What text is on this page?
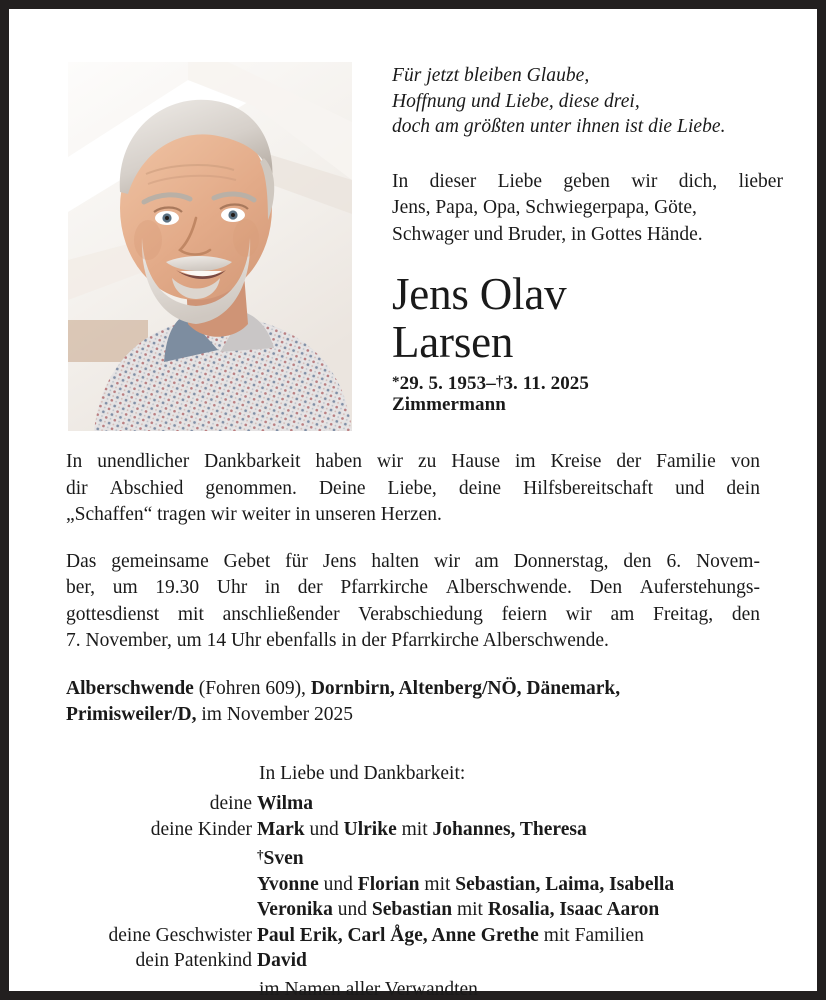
Für jetzt bleiben Glaube,
Hoffnung und Liebe, diese drei,
doch am größten unter ihnen ist die Liebe.
In dieser Liebe geben wir dich, lieber
Jens, Papa, Opa, Schwiegerpapa, Göte,
Schwager und Bruder, in Gottes Hände.
Jens Olav
Larsen
*29. 5. 1953–†3. 11. 2025
Zimmermann

In unendlicher Dankbarkeit haben wir zu Hause im Kreise der Familie von
dir Abschied genommen. Deine Liebe, deine Hilfsbereitschaft und dein
„Schaffen“ tragen wir weiter in unseren Herzen.

Das gemeinsame Gebet für Jens halten wir am Donnerstag, den 6. Novem-
ber, um 19.30 Uhr in der Pfarrkirche Alberschwende. Den Auferstehungs-
gottesdienst mit anschließender Verabschiedung feiern wir am Freitag, den
7. November, um 14 Uhr ebenfalls in der Pfarrkirche Alberschwende.

Alberschwende (Fohren 609), Dornbirn, Altenberg/NÖ, Dänemark,
Primisweiler/D, im November 2025
In Liebe und Dankbarkeit:
deine Wilma
deine Kinder Mark und Ulrike mit Johannes, Theresa
†Sven
Yvonne und Florian mit Sebastian, Laima, Isabella
Veronika und Sebastian mit Rosalia, Isaac Aaron
deine Geschwister Paul Erik, Carl Åge, Anne Grethe mit Familien
dein Patenkind David
im Namen aller Verwandten
